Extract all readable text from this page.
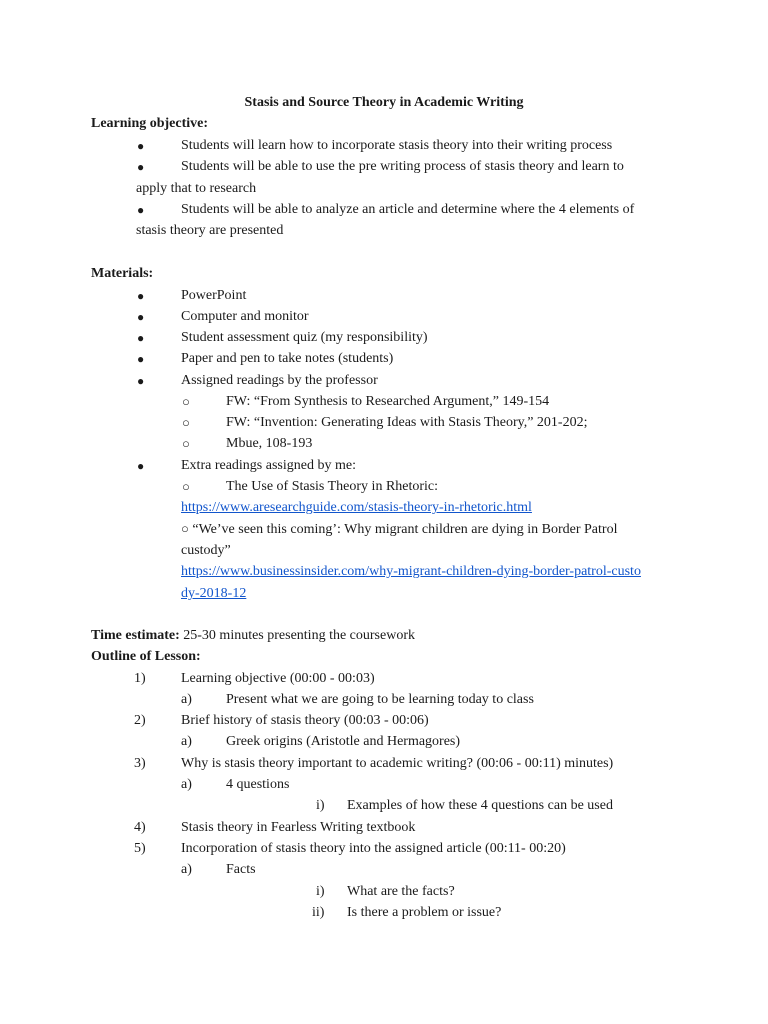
Stasis and Source Theory in Academic Writing
Learning objective:
●	Students will learn how to incorporate stasis theory into their writing process
●	Students will be able to use the pre writing process of stasis theory and learn to
apply that to research
●	Students will be able to analyze an article and determine where the 4 elements of
stasis theory are presented
Materials:
●	PowerPoint
●	Computer and monitor
●	Student assessment quiz (my responsibility)
●	Paper and pen to take notes (students)
●	Assigned readings by the professor
○	FW: “From Synthesis to Researched Argument,” 149-154
○	FW: “Invention: Generating Ideas with Stasis Theory,” 201-202;
○	Mbue, 108-193
●	Extra readings assigned by me:
○	The Use of Stasis Theory in Rhetoric:
https://www.aresearchguide.com/stasis-theory-in-rhetoric.html
○ “We’ve seen this coming’: Why migrant children are dying in Border Patrol
custody”
https://www.businessinsider.com/why-migrant-children-dying-border-patrol-custo
dy-2018-12
Time estimate: 25-30 minutes presenting the coursework
Outline of Lesson:
1)	Learning objective (00:00 - 00:03)
a) Present what we are going to be learning today to class
2)	Brief history of stasis theory (00:03 - 00:06)
a) Greek origins (Aristotle and Hermagores)
3)	Why is stasis theory important to academic writing? (00:06 - 00:11) minutes)
a) 4 questions
i) Examples of how these 4 questions can be used
4)	Stasis theory in Fearless Writing textbook
5)	Incorporation of stasis theory into the assigned article (00:11- 00:20)
a) Facts
i) What are the facts?
ii) Is there a problem or issue?
